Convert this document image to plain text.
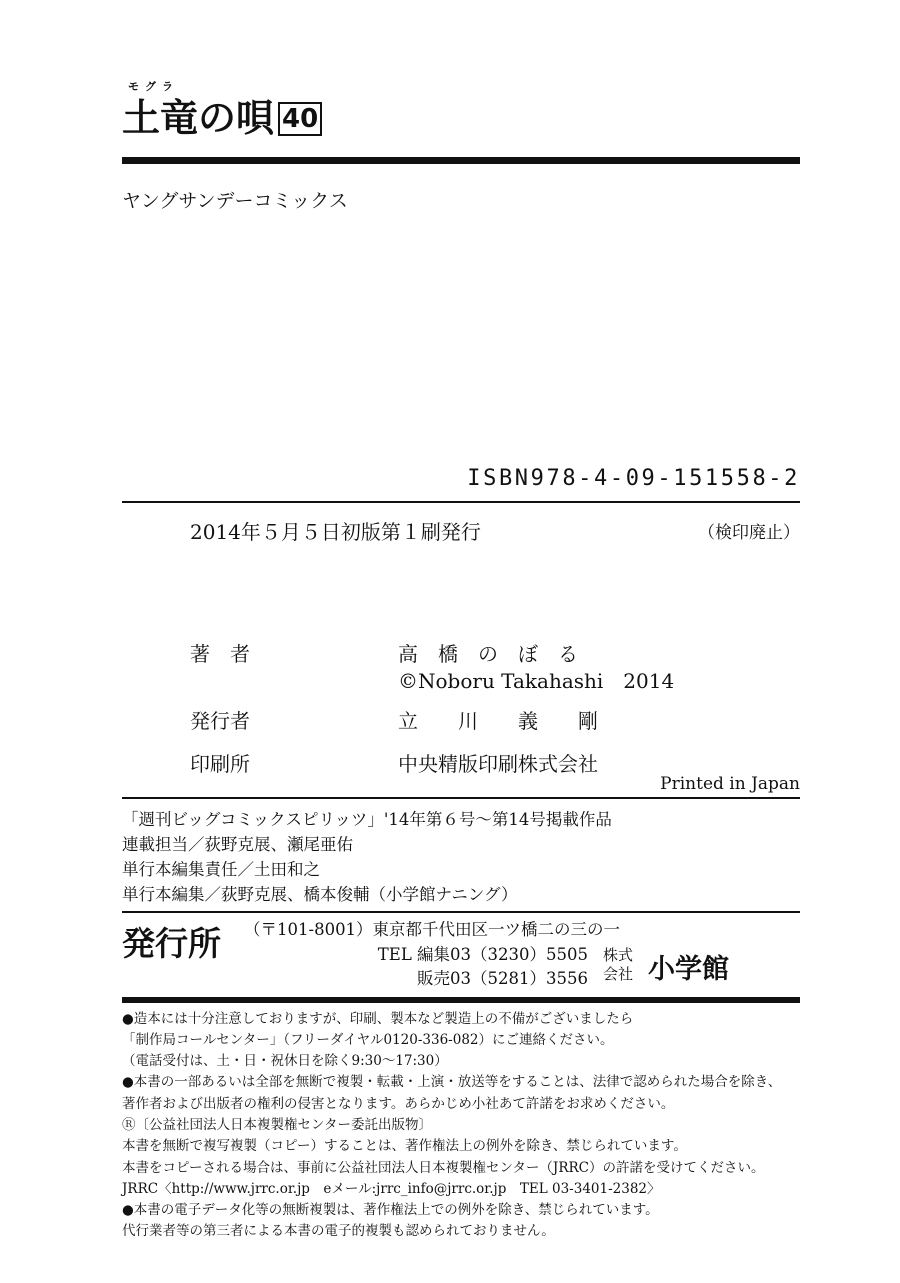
モグラ
土竜の唄 40
ヤングサンデーコミックス
ISBN978-4-09-151558-2
2014年５月５日初版第１刷発行	（検印廃止）
著　者	高　橋　の　ぼ　る
©Noboru Takahashi　2014
発行者	立　　川　　義　　剛
印刷所	中央精版印刷株式会社
Printed in Japan
「週刊ビッグコミックスピリッツ」'14年第６号〜第14号掲載作品
連載担当／荻野克展、瀬尾亜佑
単行本編集責任／土田和之
単行本編集／荻野克展、橋本俊輔（小学館ナニング）
発行所 （〒101-8001）東京都千代田区一ツ橋二の三の一
TEL 編集03（3230）5505
販売03（5281）3556
株式
会社 小学館
●造本には十分注意しておりますが、印刷、製本など製造上の不備がございましたら
「制作局コールセンター」（フリーダイヤル0120-336-082）にご連絡ください。
（電話受付は、土・日・祝休日を除く9:30〜17:30）
●本書の一部あるいは全部を無断で複製・転載・上演・放送等をすることは、法律で認められた場合を除き、
著作者および出版者の権利の侵害となります。あらかじめ小社あて許諾をお求めください。
Ⓡ〔公益社団法人日本複製権センター委託出版物〕
本書を無断で複写複製（コピー）することは、著作権法上の例外を除き、禁じられています。
本書をコピーされる場合は、事前に公益社団法人日本複製権センター（JRRC）の許諾を受けてください。
JRRC〈http://www.jrrc.or.jp　eメール:jrrc_info@jrrc.or.jp　TEL 03-3401-2382〉
●本書の電子データ化等の無断複製は、著作権法上での例外を除き、禁じられています。
代行業者等の第三者による本書の電子的複製も認められておりません。
